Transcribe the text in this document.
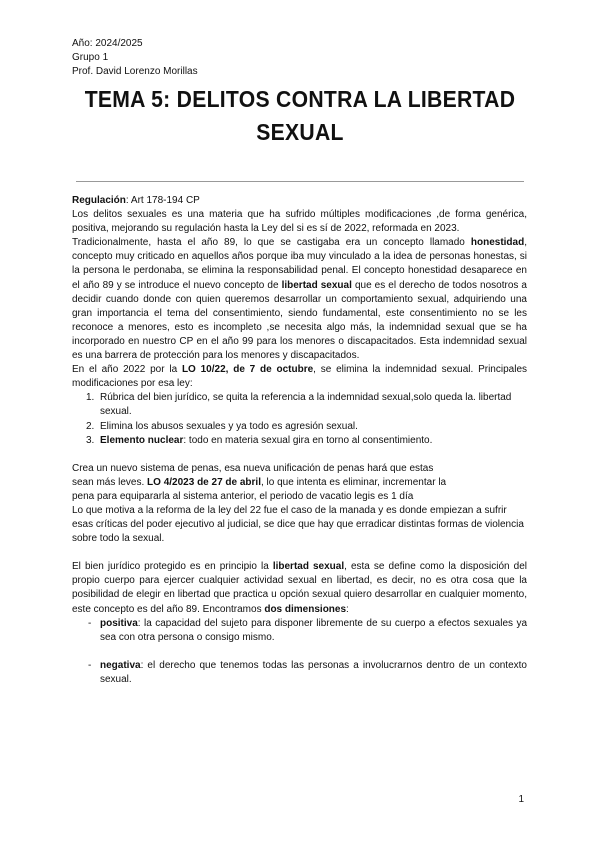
Año: 2024/2025
Grupo 1
Prof. David Lorenzo Morillas
TEMA 5: DELITOS CONTRA LA LIBERTAD
SEXUAL

Regulación: Art 178-194 CP

Los delitos sexuales es una materia que ha sufrido múltiples modificaciones ,de forma genérica, positiva, mejorando su regulación hasta la Ley del si es sí de 2022, reformada en 2023.

Tradicionalmente, hasta el año 89, lo que se castigaba era un concepto llamado honestidad, concepto muy criticado en aquellos años porque iba muy vinculado a la idea de personas honestas, si la persona le perdonaba, se elimina la responsabilidad penal. El concepto honestidad desaparece en el año 89 y se introduce el nuevo concepto de libertad sexual que es el derecho de todos nosotros a decidir cuando donde con quien queremos desarrollar un comportamiento sexual, adquiriendo una gran importancia el tema del consentimiento, siendo fundamental, este consentimiento no se les reconoce a menores, esto es incompleto ,se necesita algo más, la indemnidad sexual que se ha incorporado en nuestro CP en el año 99 para los menores o discapacitados. Esta indemnidad sexual es una barrera de protección para los menores y discapacitados.

En el año 2022 por la LO 10/22, de 7 de octubre, se elimina la indemnidad sexual. Principales modificaciones por esa ley:

1. Rúbrica del bien jurídico, se quita la referencia a la indemnidad sexual,solo queda la. libertad sexual.
2. Elimina los abusos sexuales y ya todo es agresión sexual.
3. Elemento nuclear: todo en materia sexual gira en torno al consentimiento.

Crea un nuevo sistema de penas, esa nueva unificación de penas hará que estas

sean más leves. LO 4/2023 de 27 de abril, lo que intenta es eliminar, incrementar la

pena para equipararla al sistema anterior, el periodo de vacatio legis es 1 día

Lo que motiva a la reforma de la ley del 22 fue el caso de la manada y es donde empiezan a sufrir esas críticas del poder ejecutivo al judicial, se dice que hay que erradicar distintas formas de violencia sobre todo la sexual.

El bien jurídico protegido es en principio la libertad sexual, esta se define como la disposición del propio cuerpo para ejercer cualquier actividad sexual en libertad, es decir, no es otra cosa que la posibilidad de elegir en libertad que practica u opción sexual quiero desarrollar en cualquier momento, este concepto es del año 89. Encontramos dos dimensiones:

- positiva: la capacidad del sujeto para disponer libremente de su cuerpo a efectos sexuales ya sea con otra persona o consigo mismo.

- negativa: el derecho que tenemos todas las personas a involucrarnos dentro de un contexto sexual.

1
